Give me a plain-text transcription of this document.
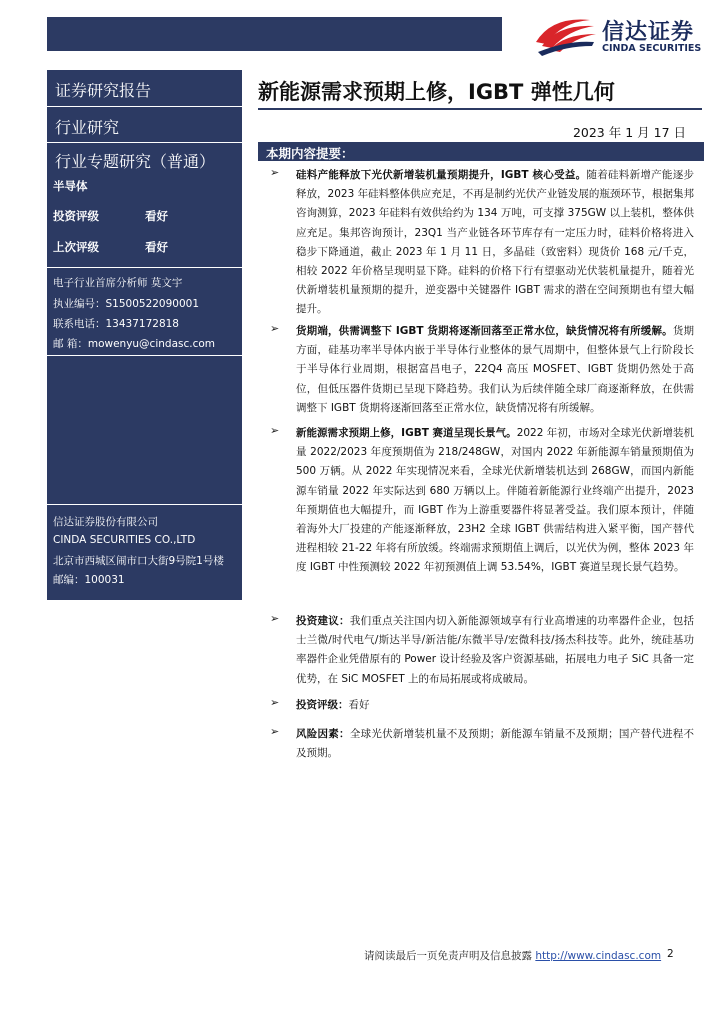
信达证券
CINDA SECURITIES
证券研究报告
行业研究
行业专题研究（普通）
半导体
投资评级	看好
上次评级	看好
电子行业首席分析师 莫文宇
执业编号：S1500522090001
联系电话：13437172818
邮 箱：mowenyu@cindasc.com
信达证券股份有限公司
CINDA SECURITIES CO.,LTD
北京市西城区闹市口大街9号院1号楼
邮编：100031
新能源需求预期上修，IGBT 弹性几何
2023 年 1 月 17 日
本期内容提要：
➢ 硅料产能释放下光伏新增装机量预期提升，IGBT 核心受益。随着硅料新增产能逐步释放，2023 年硅料整体供应充足，不再是制约光伏产业链发展的瓶颈环节，根据集邦咨询测算，2023 年硅料有效供给约为 134 万吨，可支撑 375GW 以上装机，整体供应充足。集邦咨询预计，23Q1 当产业链各环节库存有一定压力时，硅料价格将进入稳步下降通道，截止 2023 年 1 月 11 日，多晶硅（致密料）现货价 168 元/千克，相较 2022 年价格呈现明显下降。硅料的价格下行有望驱动光伏装机量提升，随着光伏新增装机量预期的提升，逆变器中关键器件 IGBT 需求的潜在空间预期也有望大幅提升。
➢ 货期端，供需调整下 IGBT 货期将逐渐回落至正常水位，缺货情况将有所缓解。货期方面，硅基功率半导体内嵌于半导体行业整体的景气周期中，但整体景气上行阶段长于半导体行业周期，根据富昌电子，22Q4 高压 MOSFET、IGBT 货期仍然处于高位，但低压器件货期已呈现下降趋势。我们认为后续伴随全球厂商逐渐释放，在供需调整下 IGBT 货期将逐渐回落至正常水位，缺货情况将有所缓解。
➢ 新能源需求预期上修，IGBT 赛道呈现长景气。2022 年初，市场对全球光伏新增装机量 2022/2023 年度预期值为 218/248GW，对国内 2022 年新能源车销量预期值为 500 万辆。从 2022 年实现情况来看，全球光伏新增装机达到 268GW，而国内新能源车销量 2022 年实际达到 680 万辆以上。伴随着新能源行业终端产出提升，2023 年预期值也大幅提升，而 IGBT 作为上游重要器件将显著受益。我们原本预计，伴随着海外大厂投建的产能逐渐释放，23H2 全球 IGBT 供需结构进入紧平衡，国产替代进程相较 21-22 年将有所放缓。终端需求预期值上调后，以光伏为例，整体 2023 年度 IGBT 中性预测较 2022 年初预测值上调 53.54%，IGBT 赛道呈现长景气趋势。
➢ 投资建议：我们重点关注国内切入新能源领域享有行业高增速的功率器件企业，包括士兰微/时代电气/斯达半导/新洁能/东微半导/宏微科技/扬杰科技等。此外，统硅基功率器件企业凭借原有的 Power 设计经验及客户资源基础，拓展电力电子 SiC 具备一定优势，在 SiC MOSFET 上的布局拓展或将成破局。
➢ 投资评级：看好
➢ 风险因素：全球光伏新增装机量不及预期；新能源车销量不及预期；国产替代进程不及预期。
请阅读最后一页免责声明及信息披露 http://www.cindasc.com 2
